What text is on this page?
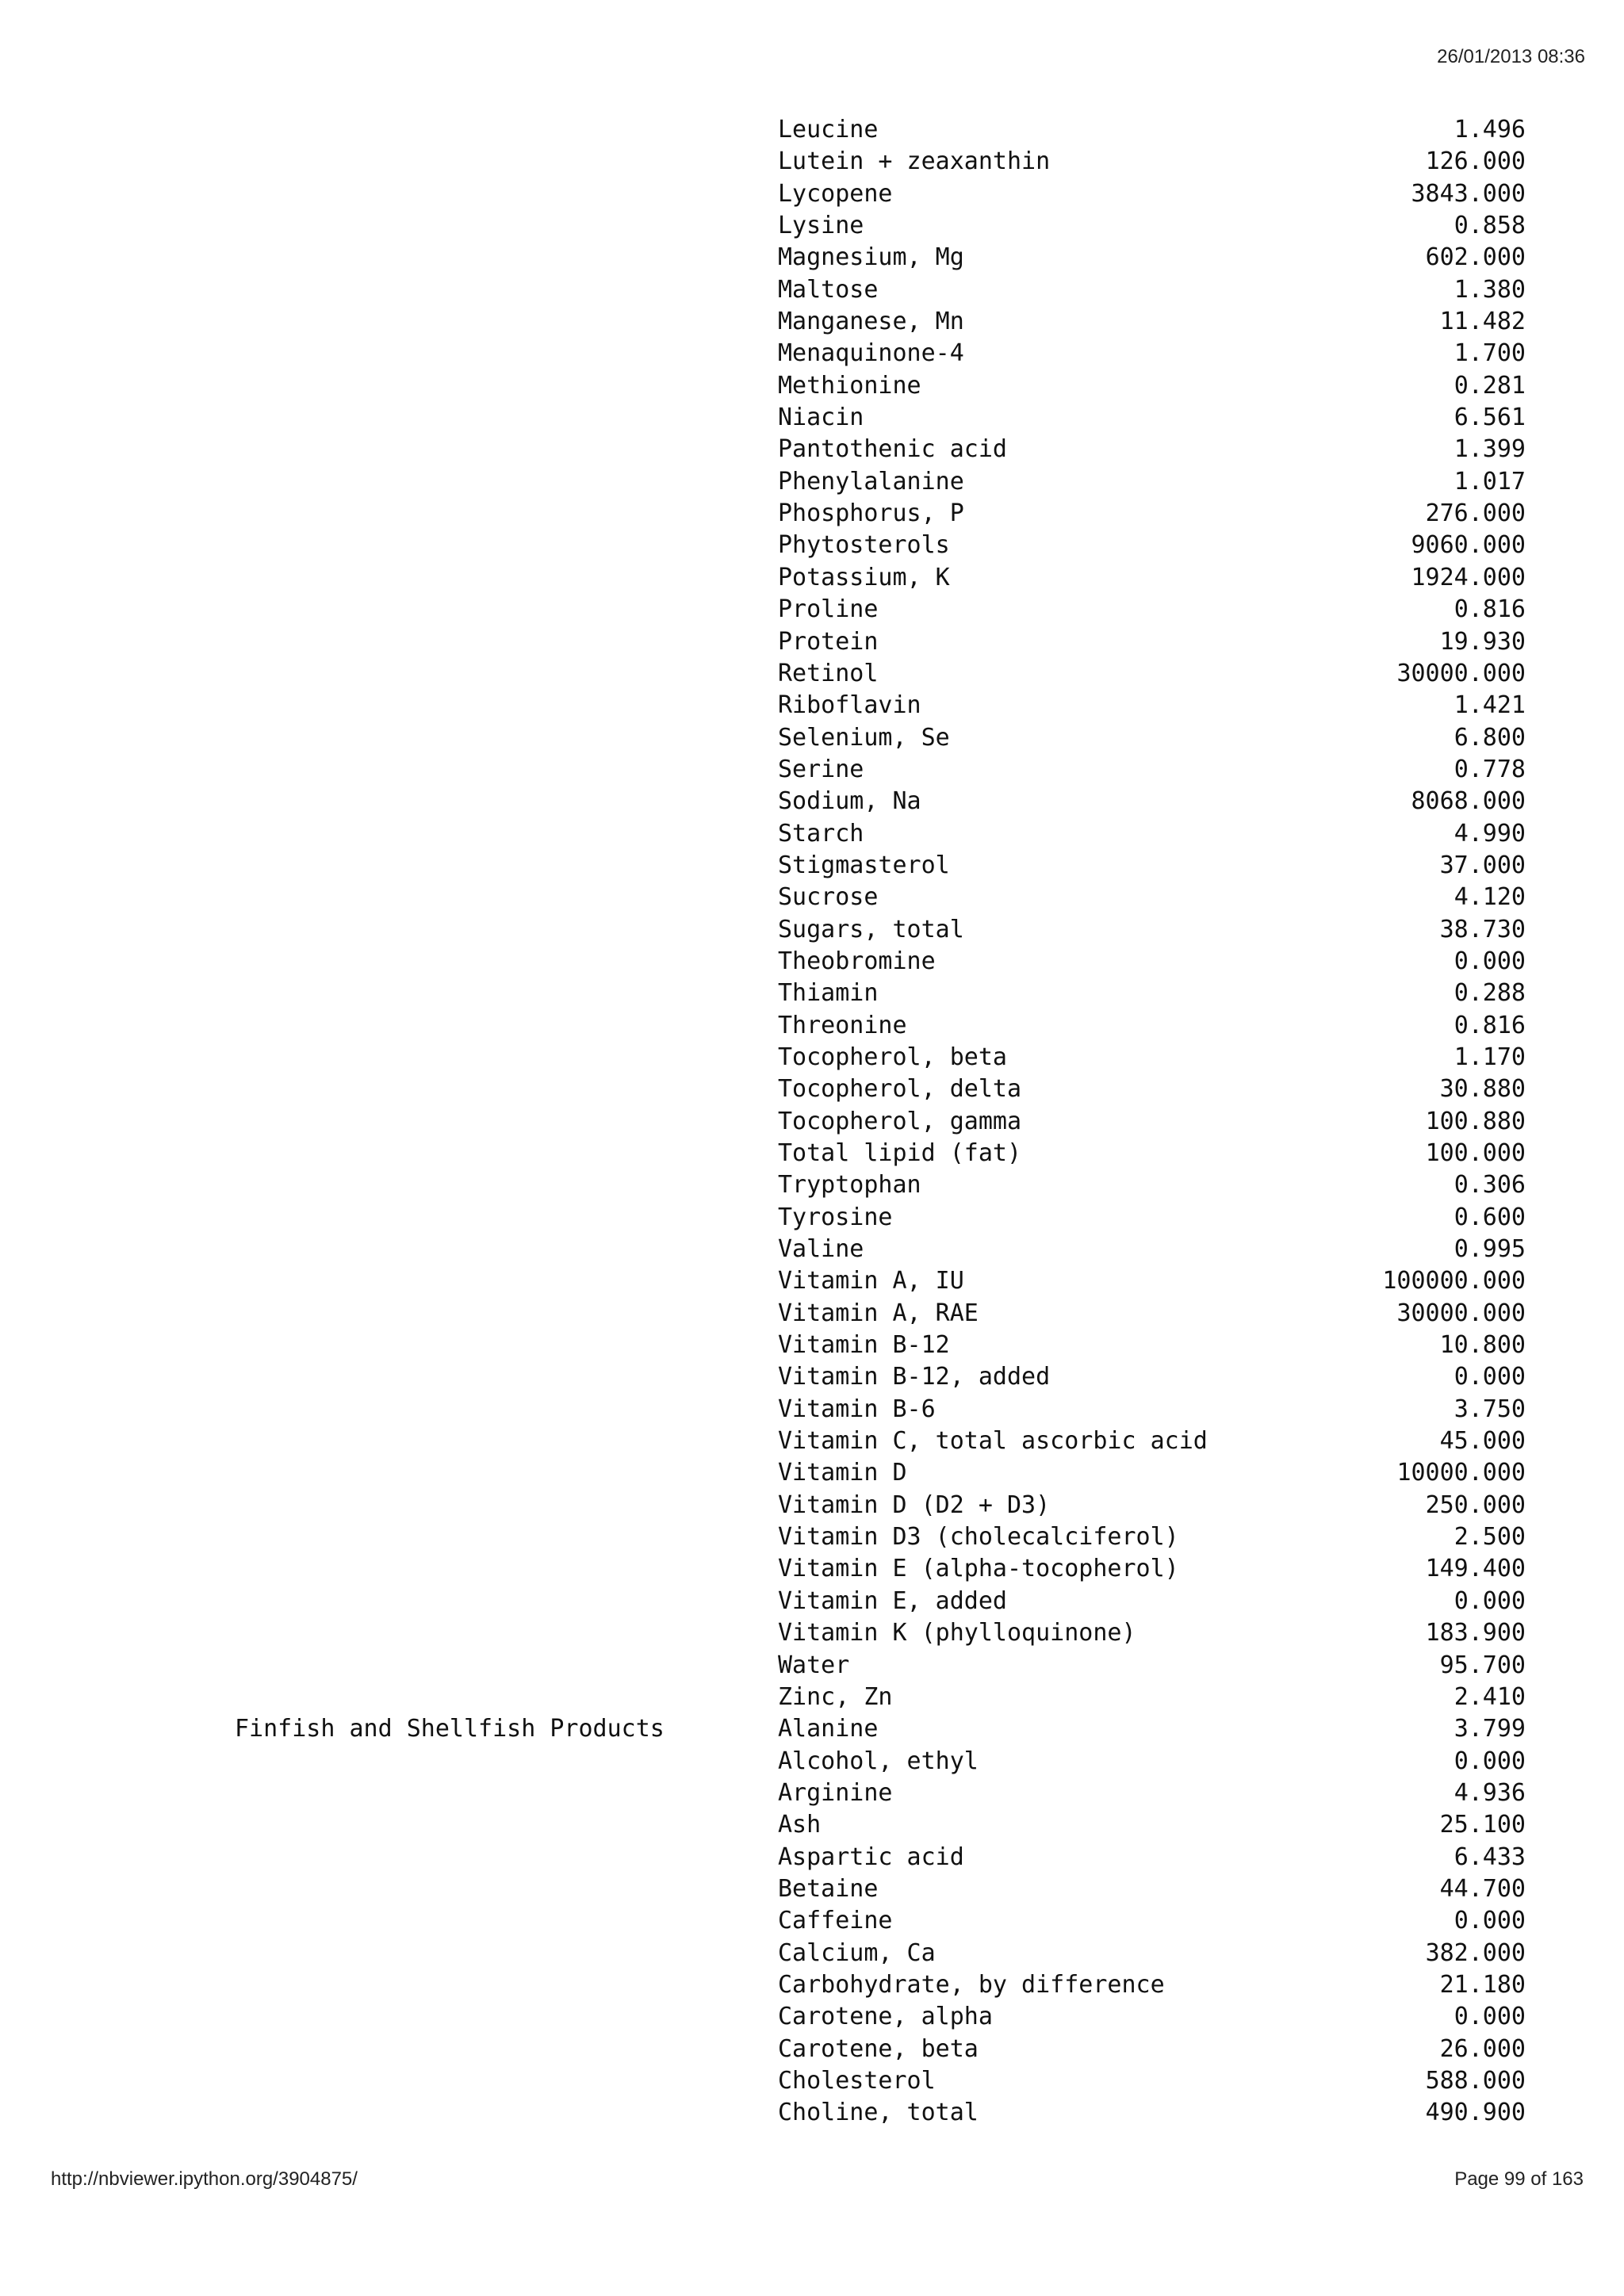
26/01/2013 08:36
Leucine	1.496
Lutein + zeaxanthin	126.000
Lycopene	3843.000
Lysine	0.858
Magnesium, Mg	602.000
Maltose	1.380
Manganese, Mn	11.482
Menaquinone-4	1.700
Methionine	0.281
Niacin	6.561
Pantothenic acid	1.399
Phenylalanine	1.017
Phosphorus, P	276.000
Phytosterols	9060.000
Potassium, K	1924.000
Proline	0.816
Protein	19.930
Retinol	30000.000
Riboflavin	1.421
Selenium, Se	6.800
Serine	0.778
Sodium, Na	8068.000
Starch	4.990
Stigmasterol	37.000
Sucrose	4.120
Sugars, total	38.730
Theobromine	0.000
Thiamin	0.288
Threonine	0.816
Tocopherol, beta	1.170
Tocopherol, delta	30.880
Tocopherol, gamma	100.880
Total lipid (fat)	100.000
Tryptophan	0.306
Tyrosine	0.600
Valine	0.995
Vitamin A, IU	100000.000
Vitamin A, RAE	30000.000
Vitamin B-12	10.800
Vitamin B-12, added	0.000
Vitamin B-6	3.750
Vitamin C, total ascorbic acid	45.000
Vitamin D	10000.000
Vitamin D (D2 + D3)	250.000
Vitamin D3 (cholecalciferol)	2.500
Vitamin E (alpha-tocopherol)	149.400
Vitamin E, added	0.000
Vitamin K (phylloquinone)	183.900
Water	95.700
Zinc, Zn	2.410
Finfish and Shellfish Products	Alanine	3.799
Alcohol, ethyl	0.000
Arginine	4.936
Ash	25.100
Aspartic acid	6.433
Betaine	44.700
Caffeine	0.000
Calcium, Ca	382.000
Carbohydrate, by difference	21.180
Carotene, alpha	0.000
Carotene, beta	26.000
Cholesterol	588.000
Choline, total	490.900
http://nbviewer.ipython.org/3904875/	Page 99 of 163
